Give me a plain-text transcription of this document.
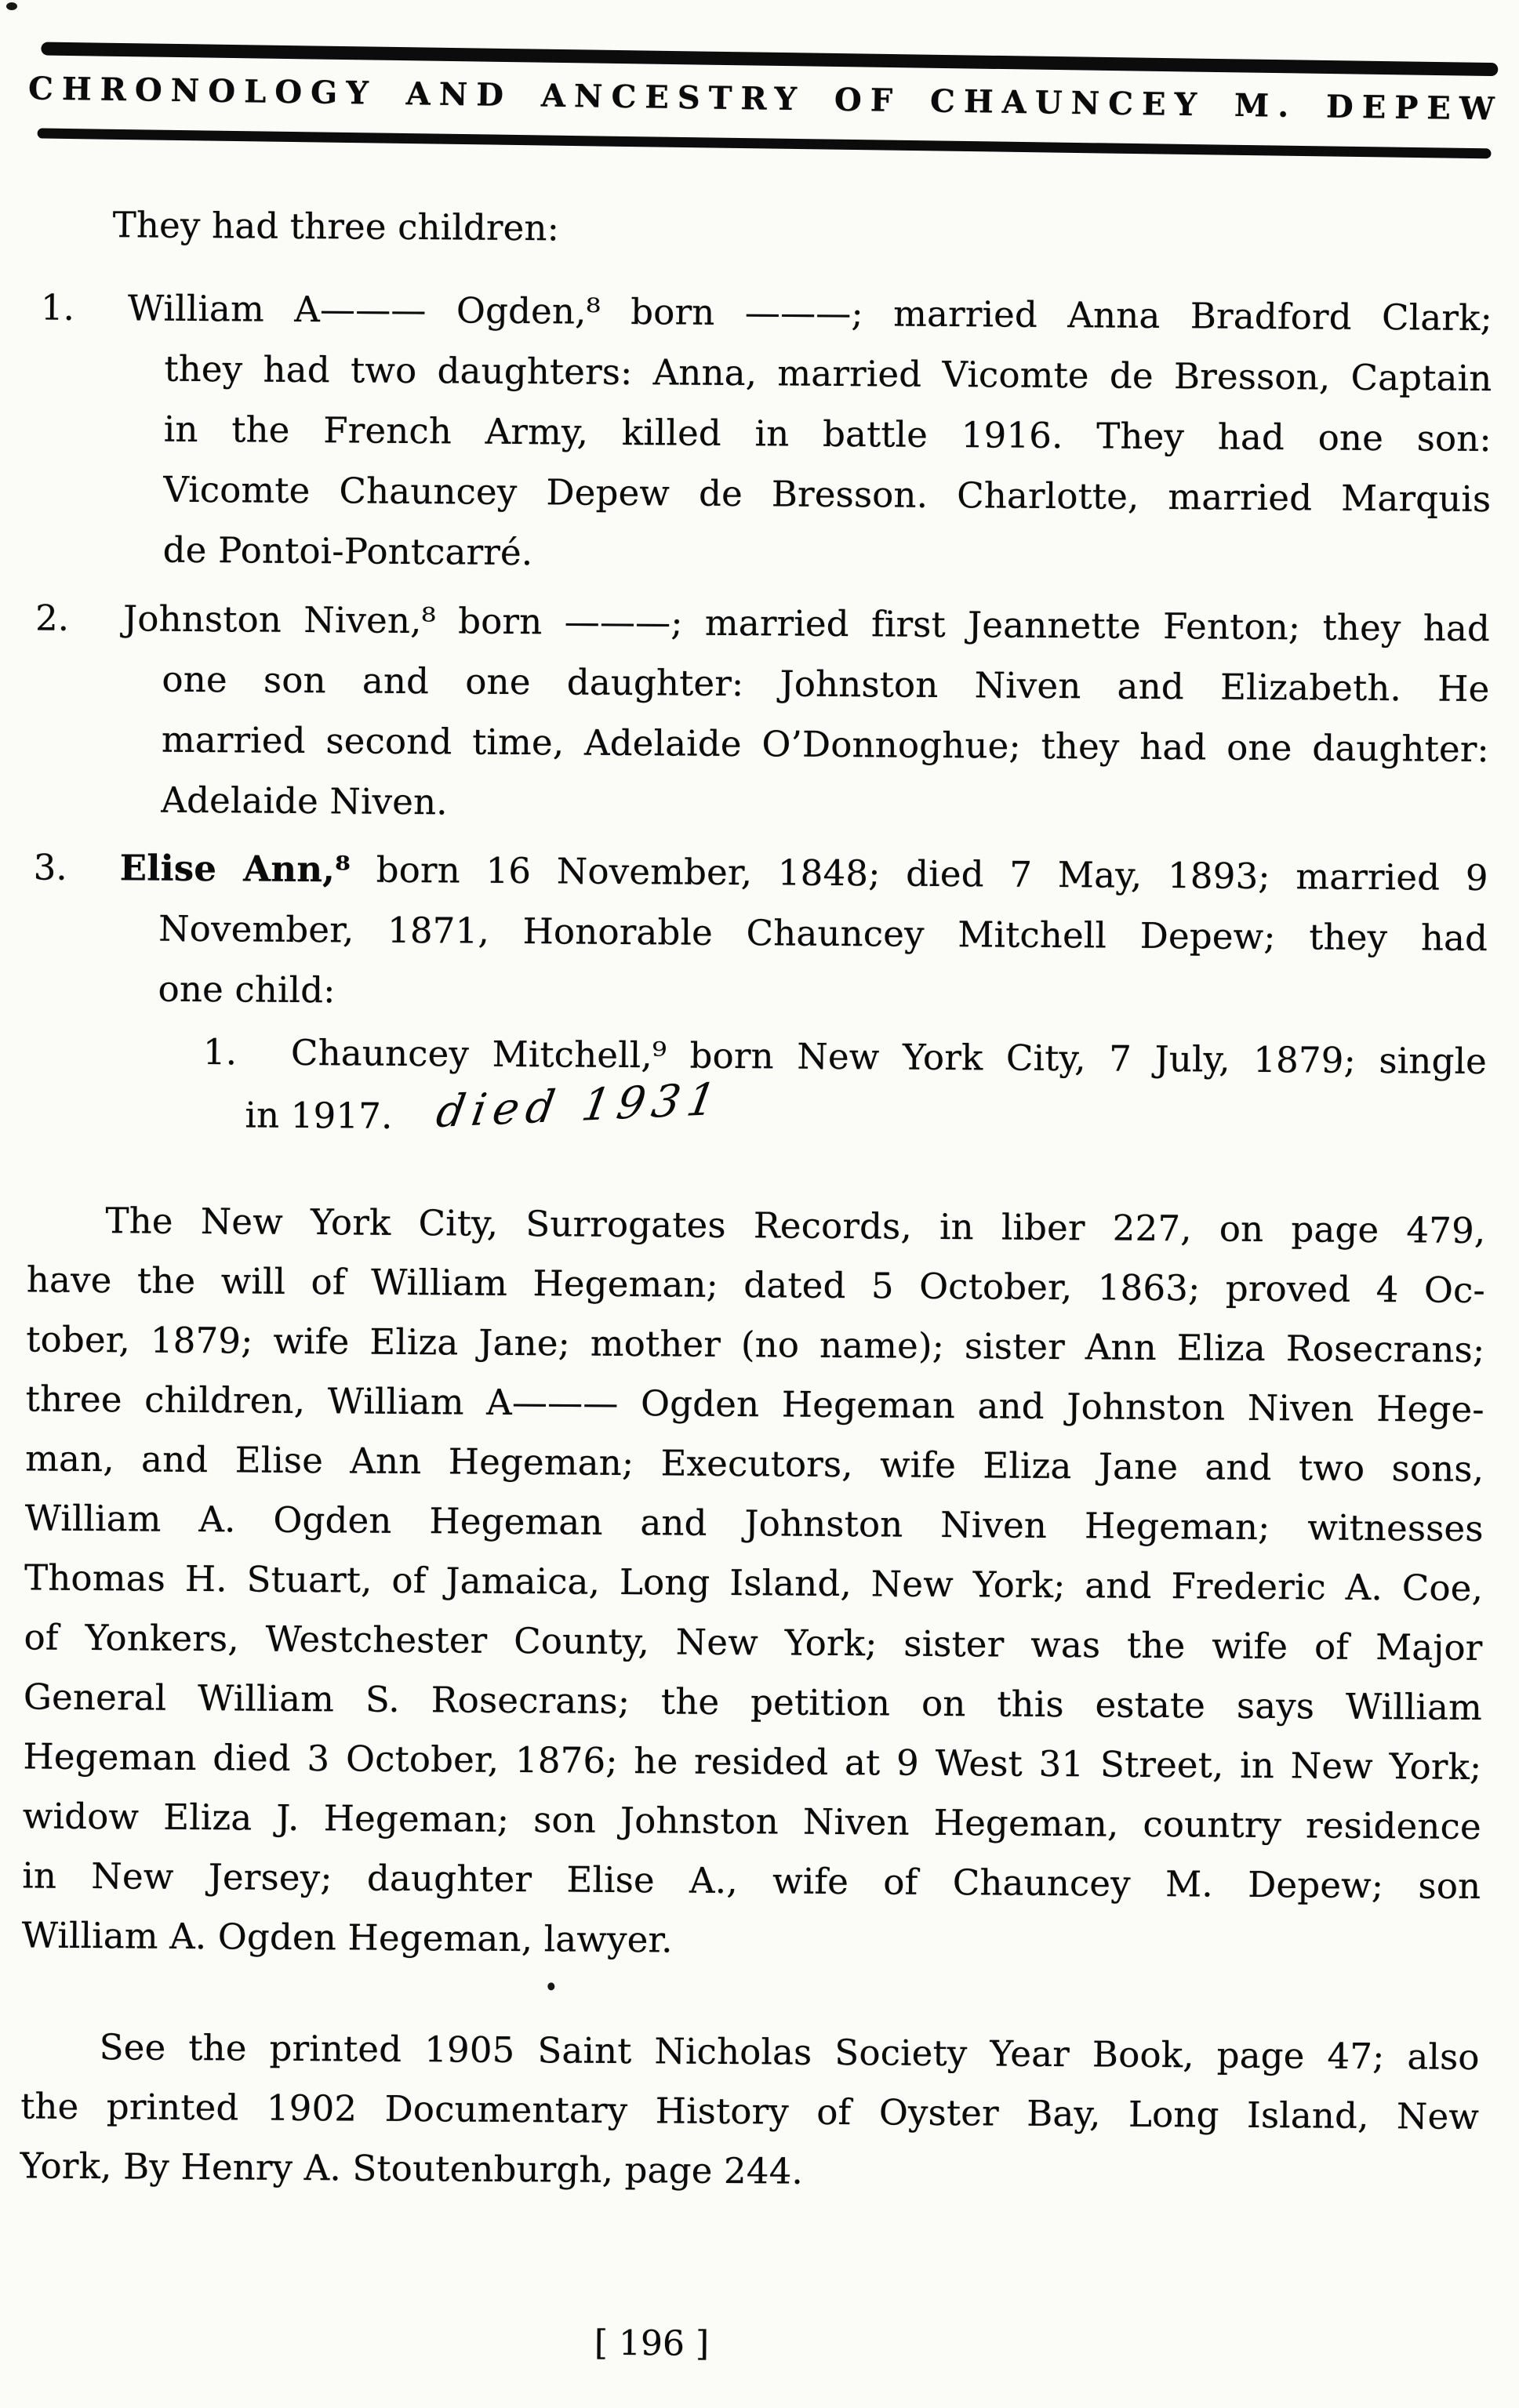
CHRONOLOGY AND ANCESTRY OF CHAUNCEY M. DEPEW
They had three children:
1. William A——— Ogden,⁸ born ———; married Anna Bradford Clark;
they had two daughters: Anna, married Vicomte de Bresson, Captain
in the French Army, killed in battle 1916. They had one son:
Vicomte Chauncey Depew de Bresson. Charlotte, married Marquis
de Pontoi-Pontcarré.
2. Johnston Niven,⁸ born ———; married first Jeannette Fenton; they had
one son and one daughter: Johnston Niven and Elizabeth. He
married second time, Adelaide O’Donnoghue; they had one daughter:
Adelaide Niven.
3. Elise Ann,⁸ born 16 November, 1848; died 7 May, 1893; married 9
November, 1871, Honorable Chauncey Mitchell Depew; they had
one child:
1. Chauncey Mitchell,⁹ born New York City, 7 July, 1879; single
in 1917. died 1931
The New York City, Surrogates Records, in liber 227, on page 479,
have the will of William Hegeman; dated 5 October, 1863; proved 4 Oc-
tober, 1879; wife Eliza Jane; mother (no name); sister Ann Eliza Rosecrans;
three children, William A——— Ogden Hegeman and Johnston Niven Hege-
man, and Elise Ann Hegeman; Executors, wife Eliza Jane and two sons,
William A. Ogden Hegeman and Johnston Niven Hegeman; witnesses
Thomas H. Stuart, of Jamaica, Long Island, New York; and Frederic A. Coe,
of Yonkers, Westchester County, New York; sister was the wife of Major
General William S. Rosecrans; the petition on this estate says William
Hegeman died 3 October, 1876; he resided at 9 West 31 Street, in New York;
widow Eliza J. Hegeman; son Johnston Niven Hegeman, country residence
in New Jersey; daughter Elise A., wife of Chauncey M. Depew; son
William A. Ogden Hegeman, lawyer.
See the printed 1905 Saint Nicholas Society Year Book, page 47; also
the printed 1902 Documentary History of Oyster Bay, Long Island, New
York, By Henry A. Stoutenburgh, page 244.
[ 196 ]
